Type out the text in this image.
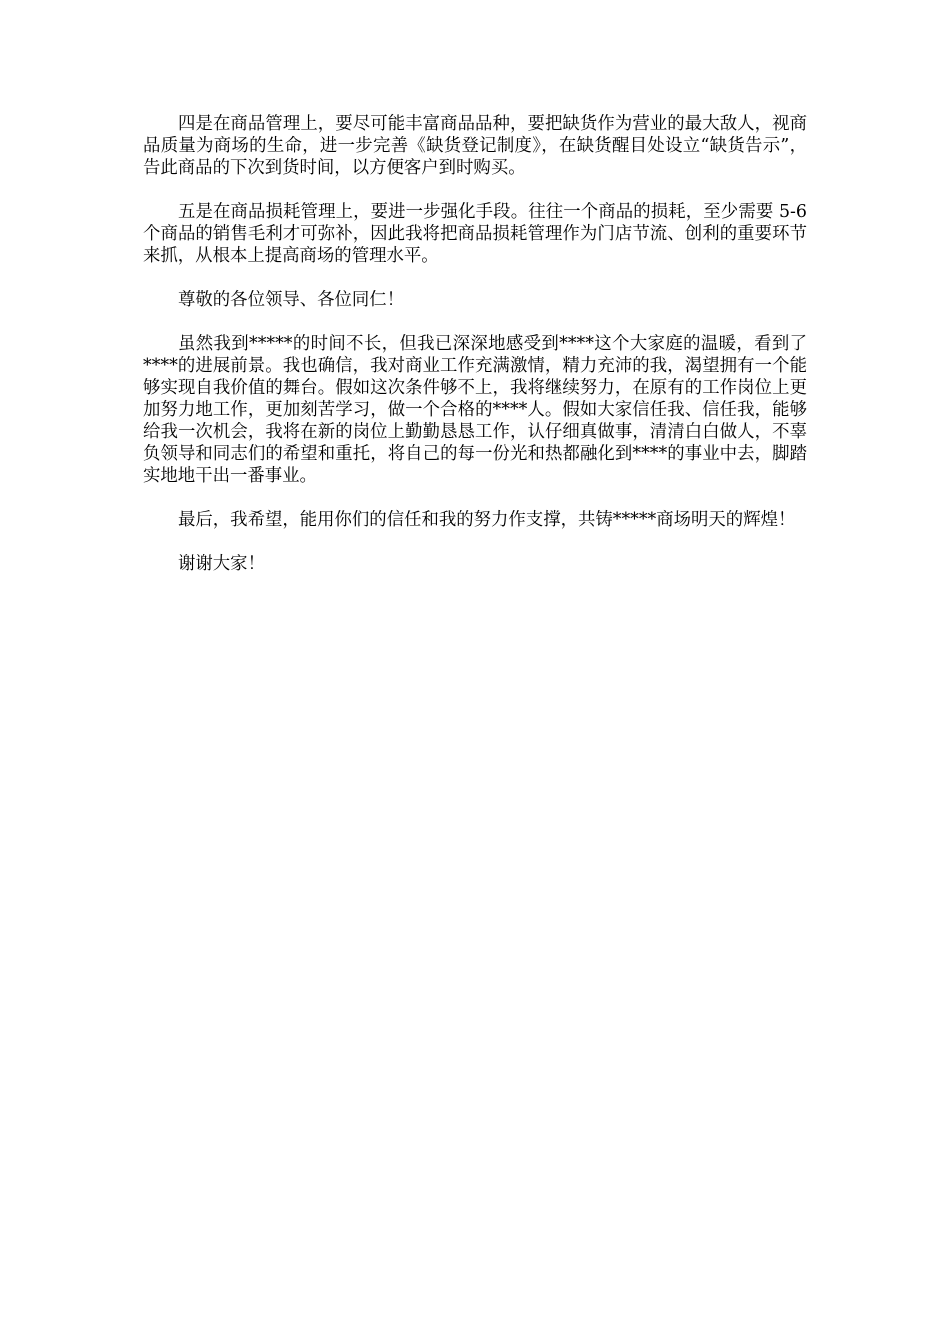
四是在商品管理上，要尽可能丰富商品品种，要把缺货作为营业的最大敌人，视商品质量为商场的生命，进一步完善《缺货登记制度》，在缺货醒目处设立“缺货告示”，告此商品的下次到货时间，以方便客户到时购买。

五是在商品损耗管理上，要进一步强化手段。往往一个商品的损耗，至少需要 5-6 个商品的销售毛利才可弥补，因此我将把商品损耗管理作为门店节流、创利的重要环节来抓，从根本上提高商场的管理水平。

尊敬的各位领导、各位同仁！

虽然我到*****的时间不长，但我已深深地感受到****这个大家庭的温暖，看到了****的进展前景。我也确信，我对商业工作充满激情，精力充沛的我，渴望拥有一个能够实现自我价值的舞台。假如这次条件够不上，我将继续努力，在原有的工作岗位上更加努力地工作，更加刻苦学习，做一个合格的****人。假如大家信任我、信任我，能够给我一次机会，我将在新的岗位上勤勤恳恳工作，认仔细真做事，清清白白做人，不辜负领导和同志们的希望和重托，将自己的每一份光和热都融化到****的事业中去，脚踏实地地干出一番事业。

最后，我希望，能用你们的信任和我的努力作支撑，共铸*****商场明天的辉煌！

谢谢大家！
